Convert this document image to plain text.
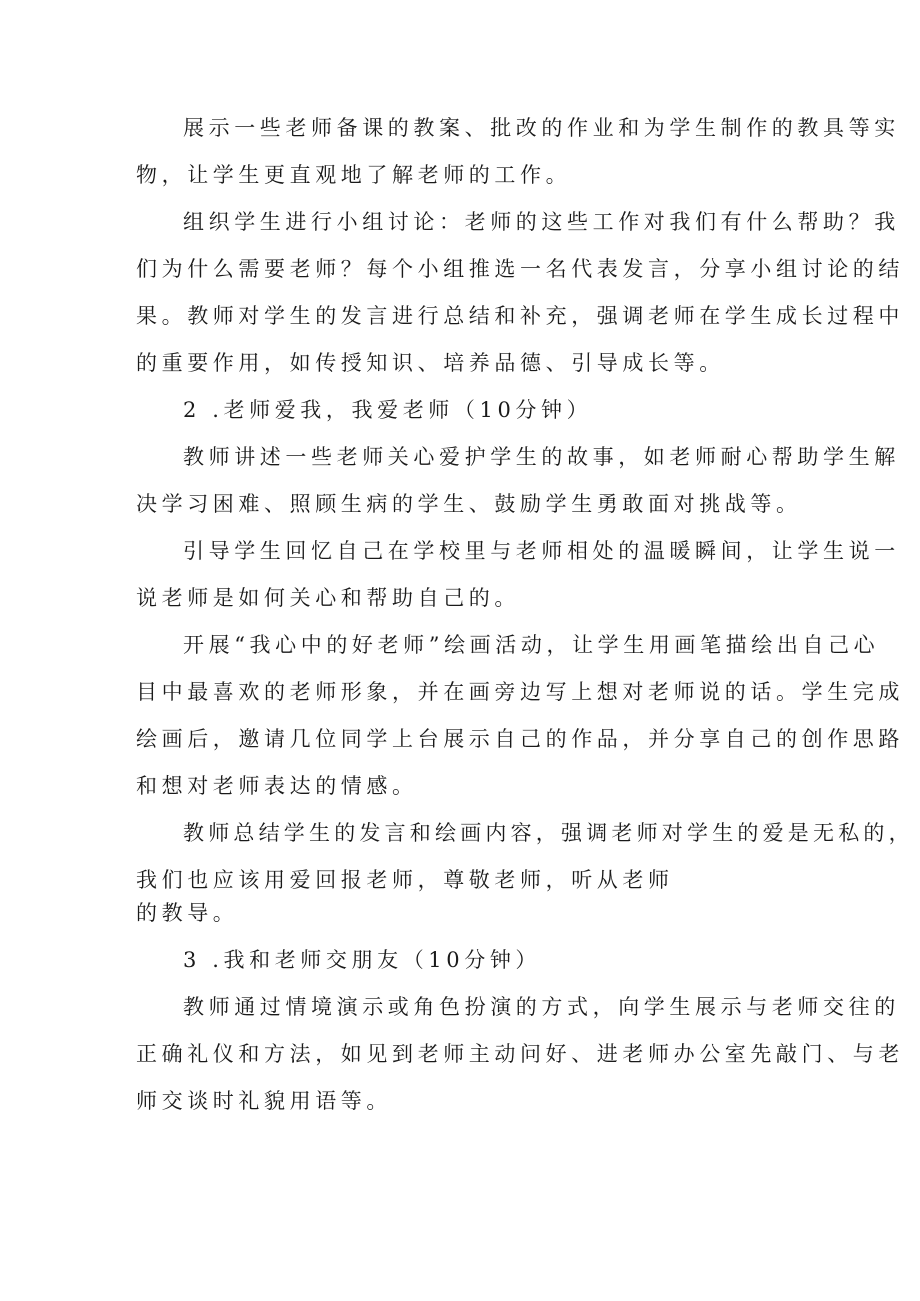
展示一些老师备课的教案、批改的作业和为学生制作的教具等实
物，让学生更直观地了解老师的工作。
组织学生进行小组讨论：老师的这些工作对我们有什么帮助？我
们为什么需要老师？每个小组推选一名代表发言，分享小组讨论的结
果。教师对学生的发言进行总结和补充，强调老师在学生成长过程中
的重要作用，如传授知识、培养品德、引导成长等。
2 .老师爱我，我爱老师（10分钟）
教师讲述一些老师关心爱护学生的故事，如老师耐心帮助学生解
决学习困难、照顾生病的学生、鼓励学生勇敢面对挑战等。
引导学生回忆自己在学校里与老师相处的温暖瞬间，让学生说一
说老师是如何关心和帮助自己的。
开展“我心中的好老师”绘画活动，让学生用画笔描绘出自己心
目中最喜欢的老师形象，并在画旁边写上想对老师说的话。学生完成
绘画后，邀请几位同学上台展示自己的作品，并分享自己的创作思路
和想对老师表达的情感。
教师总结学生的发言和绘画内容，强调老师对学生的爱是无私的，
我们也应该用爱回报老师，尊敬老师，听从老师
的教导。
3 .我和老师交朋友（10分钟）
教师通过情境演示或角色扮演的方式，向学生展示与老师交往的
正确礼仪和方法，如见到老师主动问好、进老师办公室先敲门、与老
师交谈时礼貌用语等。
